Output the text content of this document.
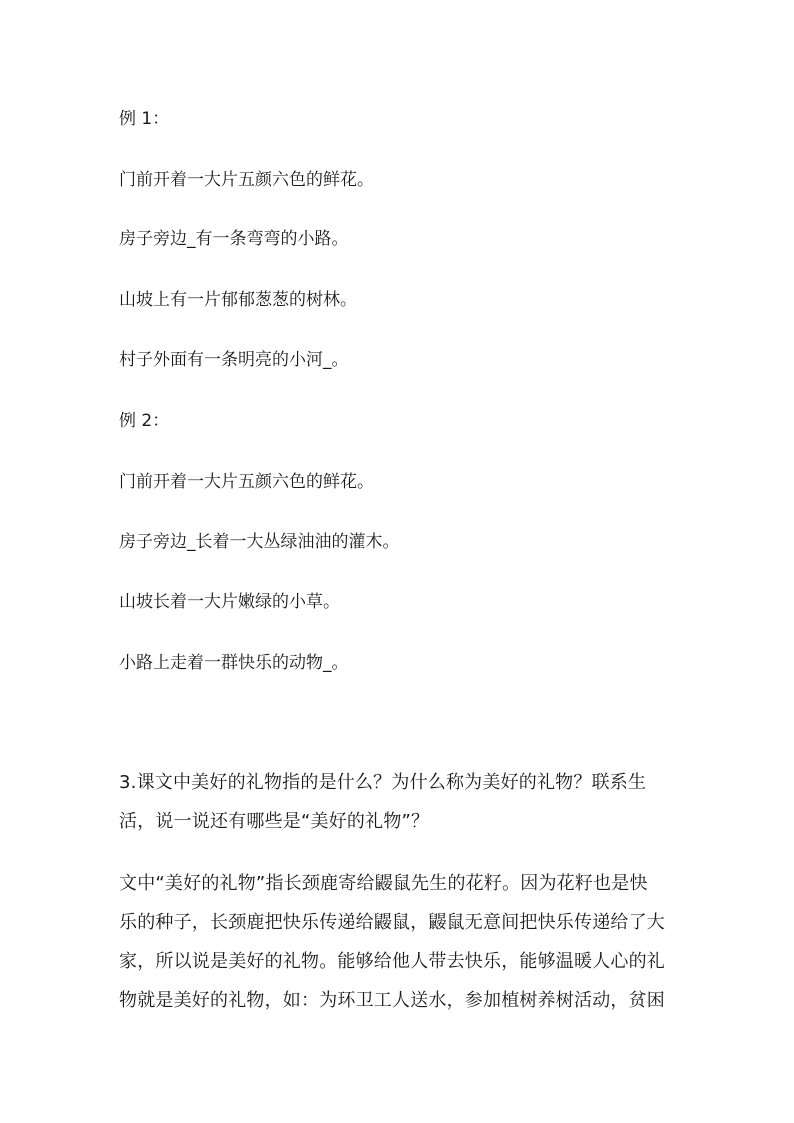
例 1：
门前开着一大片五颜六色的鲜花。
房子旁边_有一条弯弯的小路。
山坡上有一片郁郁葱葱的树林。
村子外面有一条明亮的小河_。
例 2：
门前开着一大片五颜六色的鲜花。
房子旁边_长着一大丛绿油油的灌木。
山坡长着一大片嫩绿的小草。
小路上走着一群快乐的动物_。
3.课文中美好的礼物指的是什么？为什么称为美好的礼物？联系生
活，说一说还有哪些是“美好的礼物”？
文中“美好的礼物”指长颈鹿寄给鼹鼠先生的花籽。因为花籽也是快
乐的种子，长颈鹿把快乐传递给鼹鼠，鼹鼠无意间把快乐传递给了大
家，所以说是美好的礼物。能够给他人带去快乐，能够温暖人心的礼
物就是美好的礼物，如：为环卫工人送水，参加植树养树活动，贫困
